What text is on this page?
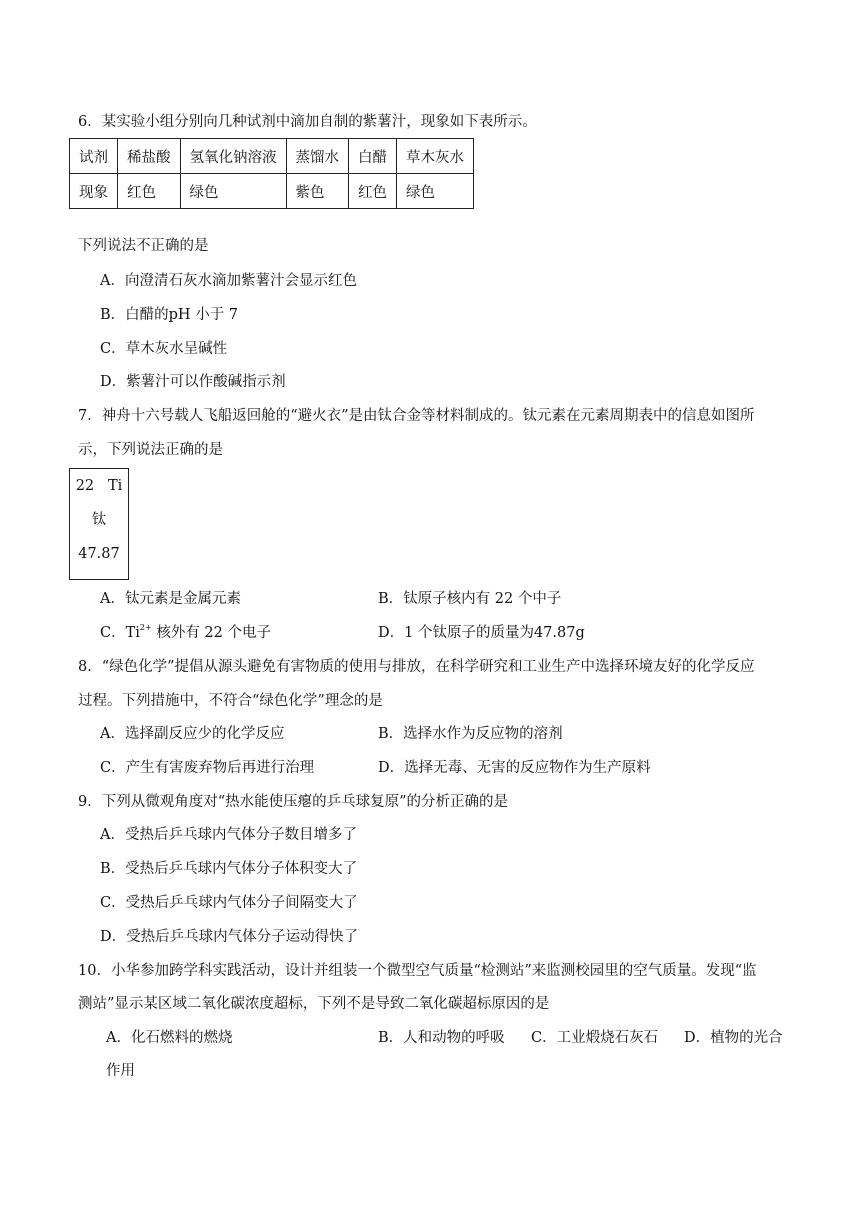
6．某实验小组分别向几种试剂中滴加自制的紫薯汁，现象如下表所示。
试剂	稀盐酸	氢氧化钠溶液	蒸馏水	白醋	草木灰水
现象	红色	绿色	紫色	红色	绿色
下列说法不正确的是
A．向澄清石灰水滴加紫薯汁会显示红色
B．白醋的pH 小于 7
C．草木灰水呈碱性
D．紫薯汁可以作酸碱指示剂
7．神舟十六号载人飞船返回舱的“避火衣”是由钛合金等材料制成的。钛元素在元素周期表中的信息如图所
示，下列说法正确的是
22 Ti
钛
47.87
A．钛元素是金属元素	B．钛原子核内有 22 个中子
C．$Ti^{2+}$ 核外有 22 个电子	D．1 个钛原子的质量为47.87g
8．“绿色化学”提倡从源头避免有害物质的使用与排放，在科学研究和工业生产中选择环境友好的化学反应
过程。下列措施中，不符合“绿色化学”理念的是
A．选择副反应少的化学反应	B．选择水作为反应物的溶剂
C．产生有害废弃物后再进行治理	D．选择无毒、无害的反应物作为生产原料
9．下列从微观角度对“热水能使压瘪的乒乓球复原”的分析正确的是
A．受热后乒乓球内气体分子数目增多了
B．受热后乒乓球内气体分子体积变大了
C．受热后乒乓球内气体分子间隔变大了
D．受热后乒乓球内气体分子运动得快了
10．小华参加跨学科实践活动，设计并组装一个微型空气质量“检测站”来监测校园里的空气质量。发现“监
测站”显示某区域二氧化碳浓度超标，下列不是导致二氧化碳超标原因的是
A．化石燃料的燃烧	B．人和动物的呼吸 C．工业煅烧石灰石 D．植物的光合
作用
